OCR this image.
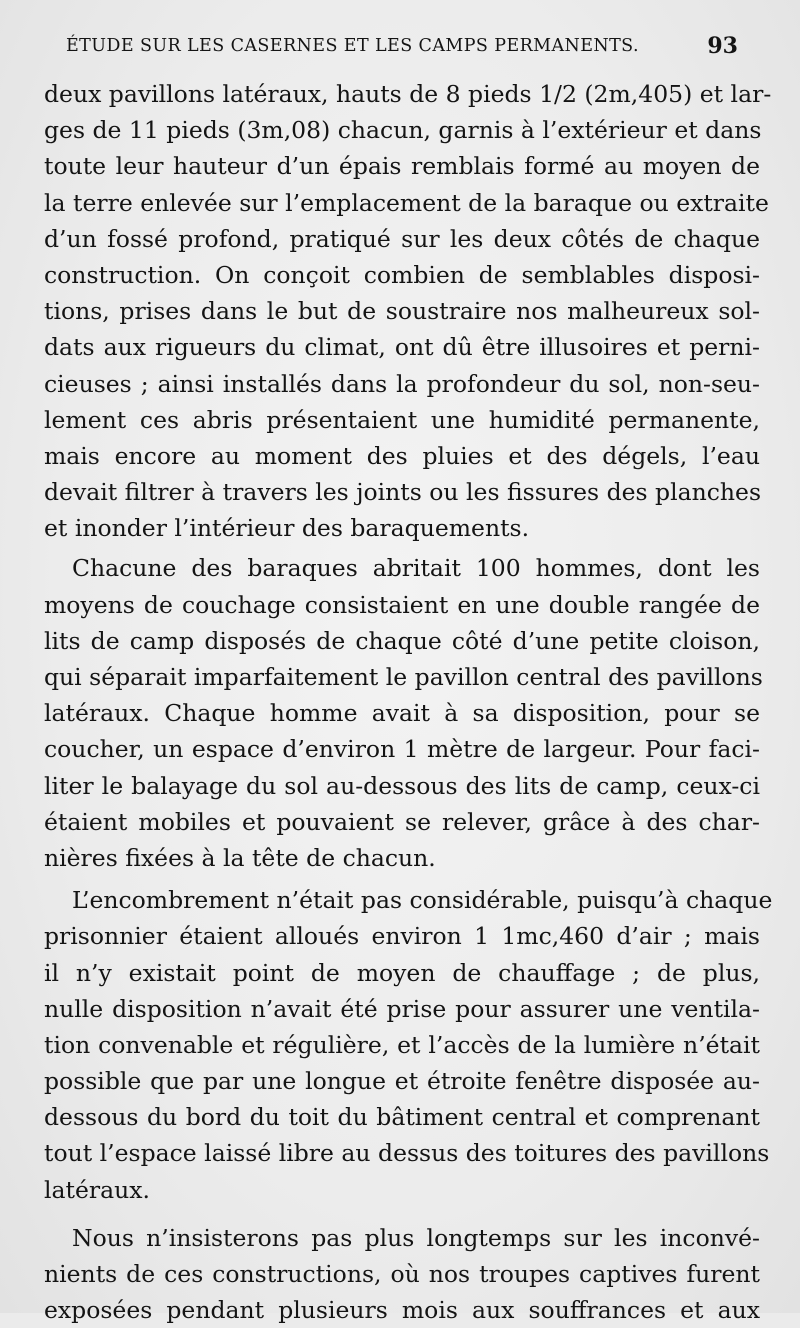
ÉTUDE SUR LES CASERNES ET LES CAMPS PERMANENTS.	93
deux pavillons latéraux, hauts de 8 pieds 1/2 (2m,405) et lar-
ges de 11 pieds (3m,08) chacun, garnis à l’extérieur et dans
toute leur hauteur d’un épais remblais formé au moyen de
la terre enlevée sur l’emplacement de la baraque ou extraite
d’un fossé profond, pratiqué sur les deux côtés de chaque
construction. On conçoit combien de semblables disposi-
tions, prises dans le but de soustraire nos malheureux sol-
dats aux rigueurs du climat, ont dû être illusoires et perni-
cieuses ; ainsi installés dans la profondeur du sol, non-seu-
lement ces abris présentaient une humidité permanente,
mais encore au moment des pluies et des dégels, l’eau
devait filtrer à travers les joints ou les fissures des planches
et inonder l’intérieur des baraquements.
Chacune des baraques abritait 100 hommes, dont les
moyens de couchage consistaient en une double rangée de
lits de camp disposés de chaque côté d’une petite cloison,
qui séparait imparfaitement le pavillon central des pavillons
latéraux. Chaque homme avait à sa disposition, pour se
coucher, un espace d’environ 1 mètre de largeur. Pour faci-
liter le balayage du sol au-dessous des lits de camp, ceux-ci
étaient mobiles et pouvaient se relever, grâce à des char-
nières fixées à la tête de chacun.
L’encombrement n’était pas considérable, puisqu’à chaque
prisonnier étaient alloués environ 1 1mc,460 d’air ; mais
il n’y existait point de moyen de chauffage ; de plus,
nulle disposition n’avait été prise pour assurer une ventila-
tion convenable et régulière, et l’accès de la lumière n’était
possible que par une longue et étroite fenêtre disposée au-
dessous du bord du toit du bâtiment central et comprenant
tout l’espace laissé libre au dessus des toitures des pavillons
latéraux.
Nous n’insisterons pas plus longtemps sur les inconvé-
nients de ces constructions, où nos troupes captives furent
exposées pendant plusieurs mois aux souffrances et aux
